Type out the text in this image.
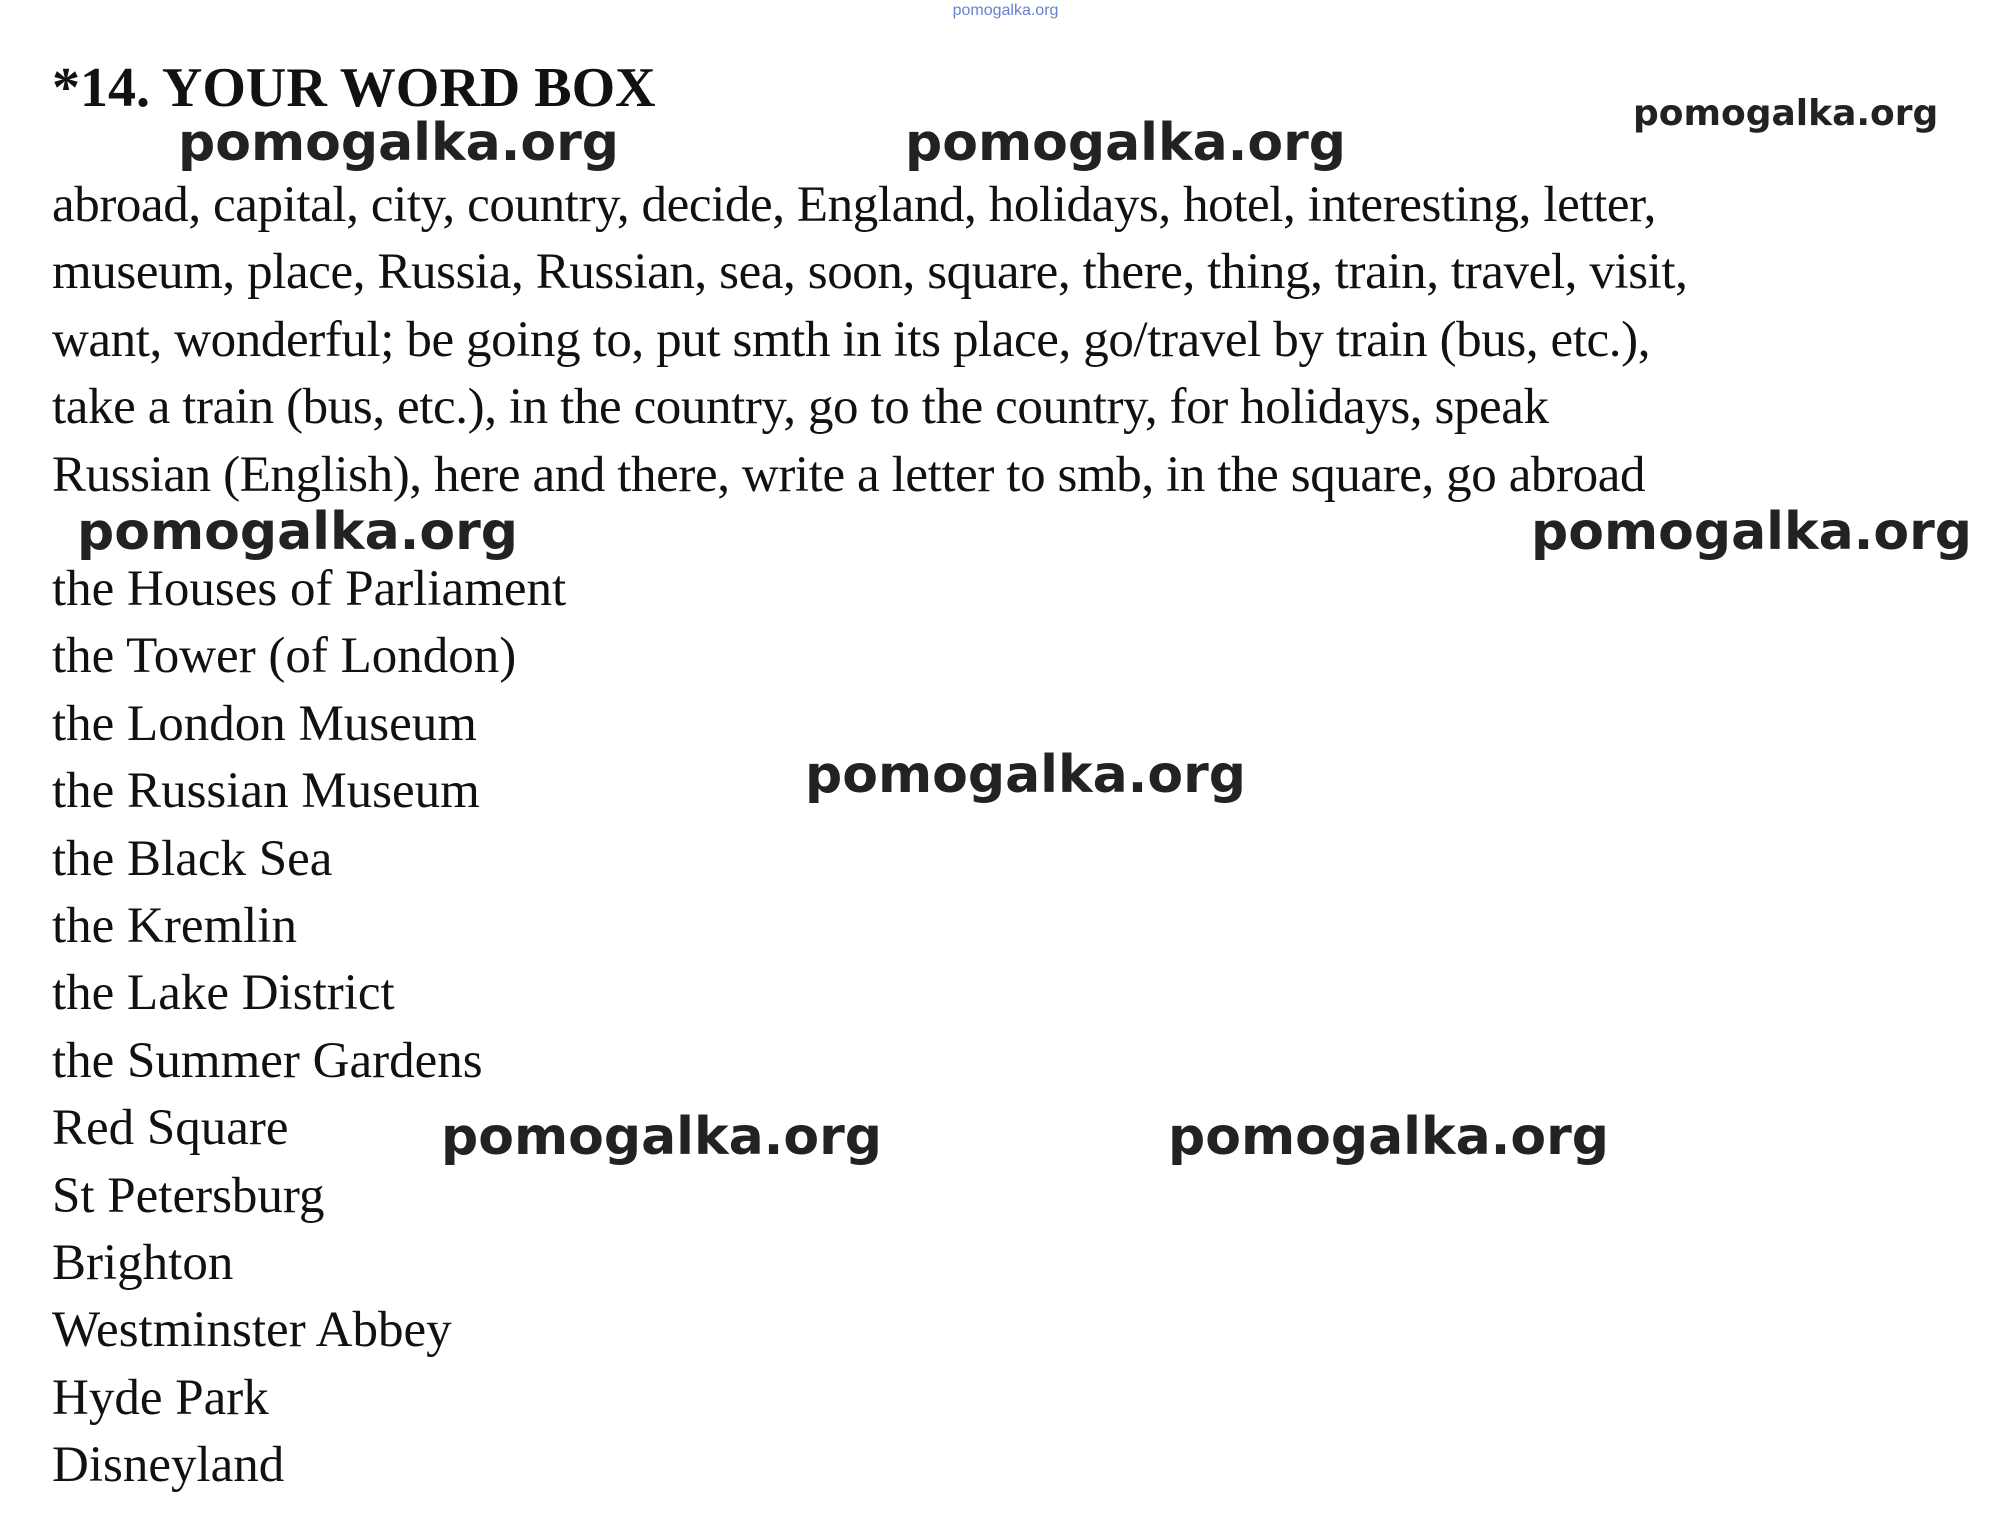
pomogalka.org
*14. YOUR WORD BOX
abroad, capital, city, country, decide, England, holidays, hotel, interesting, letter,
museum, place, Russia, Russian, sea, soon, square, there, thing, train, travel, visit,
want, wonderful; be going to, put smth in its place, go/travel by train (bus, etc.),
take a train (bus, etc.), in the country, go to the country, for holidays, speak
Russian (English), here and there, write a letter to smb, in the square, go abroad
the Houses of Parliament
the Tower (of London)
the London Museum
the Russian Museum
the Black Sea
the Kremlin
the Lake District
the Summer Gardens
Red Square
St Petersburg
Brighton
Westminster Abbey
Hyde Park
Disneyland
pomogalka.org	pomogalka.org	pomogalka.org
pomogalka.org	pomogalka.org
pomogalka.org
pomogalka.org	pomogalka.org
